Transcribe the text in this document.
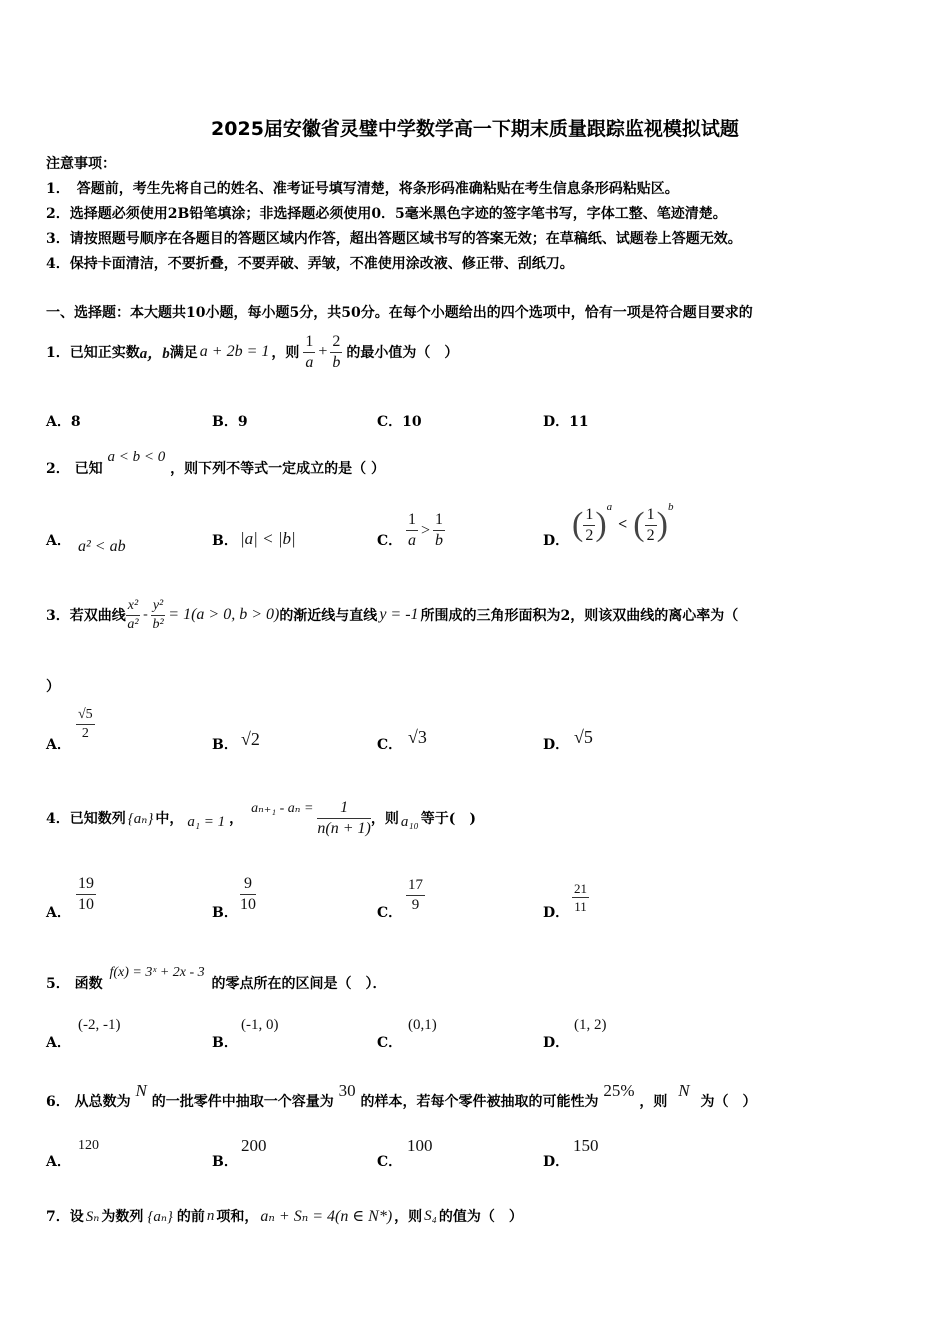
2025届安徽省灵璧中学数学高一下期末质量跟踪监视模拟试题
注意事项：
1．　答题前，考生先将自己的姓名、准考证号填写清楚，将条形码准确粘贴在考生信息条形码粘贴区。
2．选择题必须使用2B铅笔填涂；非选择题必须使用0．5毫米黑色字迹的签字笔书写，字体工整、笔迹清楚。
3．请按照题号顺序在各题目的答题区域内作答，超出答题区域书写的答案无效；在草稿纸、试题卷上答题无效。
4．保持卡面清洁，不要折叠，不要弄破、弄皱，不准使用涂改液、修正带、刮纸刀。
一、选择题：本大题共10小题，每小题5分，共50分。在每个小题给出的四个选项中，恰有一项是符合题目要求的
1． 已知正实数 a，b 满足 a + 2b = 1 ，则 $\frac{1}{a} + \frac{2}{b}$ 的最小值为（　）
A．8	B．9	C．10	D．11
2． 已知 a < b < 0 ，则下列不等式一定成立的是（ ）
A． a² < ab	B． |a| < |b|	C． $\frac{1}{a} > \frac{1}{b}$	D． ( $\frac{1}{2}$ ) a
< ( $\frac{1}{2}$ ) b
3． 若双曲线 $\frac{\text{x²}}{\text{a²}} - \frac{\text{y²}}{\text{b²}} = 1(a > 0$, b > 0) 的渐近线与直线 y = -1 所围成的三角形面积为2，则该双曲线的离心率为（
）
A．
$\frac{√5}{2}$
B． √2	C． √3	D． √5
4． 已知数列 {aₙ} 中， a₁ = 1 ，
$a_{n+1} - a_n = \frac{1}{n(n + 1)}$ ，则 a₁₀ 等于(　)
A． $\frac{19}{10}$	B． $\frac{9}{10}$	C． $\frac{17}{9}$	D． $\frac{21}{11}$
5． 函数 f(x) = 3ˣ + 2x - 3 的零点所在的区间是（　）．
A．
(-2, -1)
B．
(-1, 0)
C．
(0,1)
D．
(1, 2)
6． 从总数为 N 的一批零件中抽取一个容量为 30 的样本，若每个零件被抽取的可能性为 25% ，则 N 为（　）
A．
120
B．
200
C．
100
D．
150
7． 设 Sₙ 为数列 {aₙ} 的前 n 项和， aₙ + Sₙ = 4(n ∈ N*) ，则 S₄ 的值为（　）
